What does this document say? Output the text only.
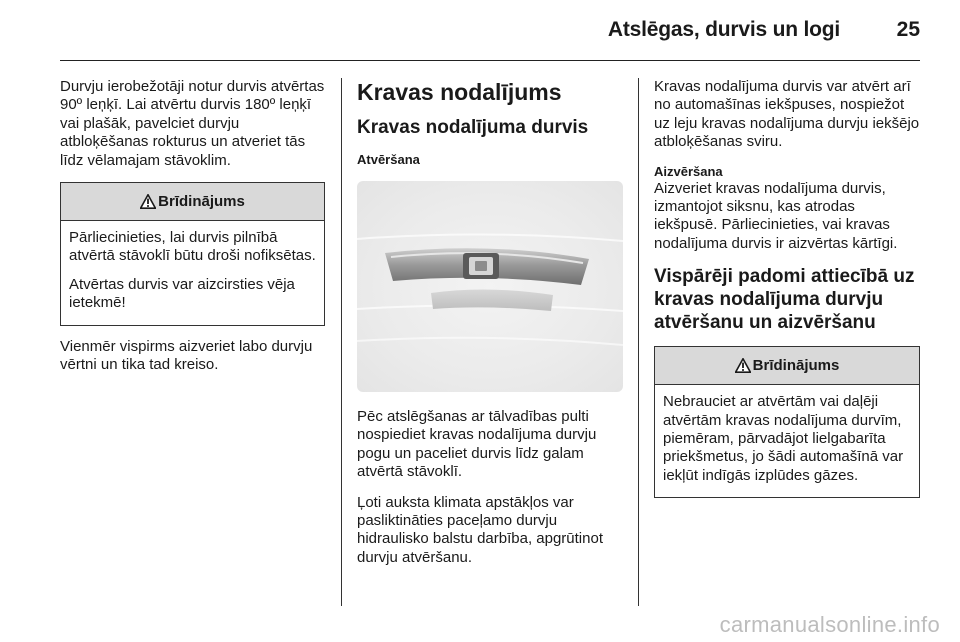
Atslēgas, durvis un logi	25

Durvju ierobežotāji notur durvis atvērtas 90º leņķī. Lai atvērtu durvis 180º leņķī vai plašāk, pavelciet durvju atbloķēšanas rokturus un atveriet tās līdz vēlamajam stāvoklim.

Brīdinājums

Pārliecinieties, lai durvis pilnībā atvērtā stāvoklī būtu droši nofiksētas.

Atvērtas durvis var aizcirsties vēja ietekmē!

Vienmēr vispirms aizveriet labo durvju vērtni un tika tad kreiso.

Kravas nodalījums
Kravas nodalījuma durvis
Atvēršana

Pēc atslēgšanas ar tālvadības pulti nospiediet kravas nodalījuma durvju pogu un paceliet durvis līdz galam atvērtā stāvoklī.

Ļoti auksta klimata apstākļos var pasliktināties paceļamo durvju hidraulisko balstu darbība, apgrūtinot durvju atvēršanu.

Kravas nodalījuma durvis var atvērt arī no automašīnas iekšpuses, nospiežot uz leju kravas nodalījuma durvju iekšējo atbloķēšanas sviru.

Aizvēršana

Aizveriet kravas nodalījuma durvis, izmantojot siksnu, kas atrodas iekšpusē. Pārliecinieties, vai kravas nodalījuma durvis ir aizvērtas kārtīgi.

Vispārēji padomi attiecībā uz kravas nodalījuma durvju atvēršanu un aizvēršanu
Brīdinājums

Nebrauciet ar atvērtām vai daļēji atvērtām kravas nodalījuma durvīm, piemēram, pārvadājot lielgabarīta priekšmetus, jo šādi automašīnā var iekļūt indīgās izplūdes gāzes.

carmanualsonline.info
